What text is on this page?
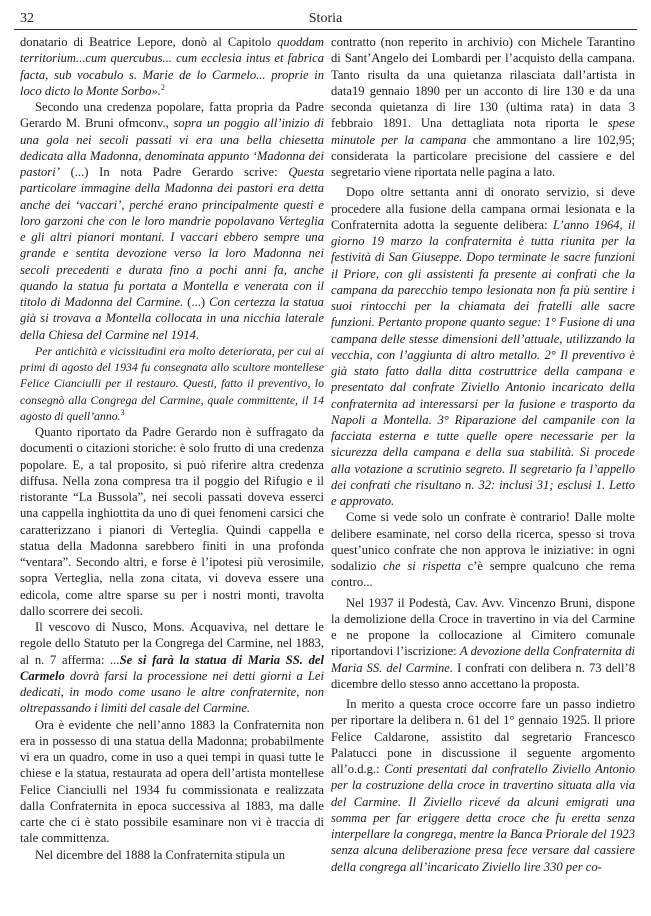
32	Storia

donatario di Beatrice Lepore, donò al Capitolo quoddam territorium...cum quercubus... cum ecclesia intus et fabrica facta, sub vocabulo s. Marie de lo Carmelo... proprie in loco dicto lo Monte Sorbo».$^2$

Secondo una credenza popolare, fatta propria da Padre Gerardo M. Bruni ofmconv., sopra un poggio all’inizio di una gola nei secoli passati vi era una bella chiesetta dedicata alla Madonna, denominata appunto ‘Madonna dei pastori’ (...) In nota Padre Gerardo scrive: Questa particolare immagine della Madonna dei pastori era detta anche dei ‘vaccari’, perché erano principalmente questi e loro garzoni che con le loro mandrie popolavano Verteglia e gli altri pianori montani. I vaccari ebbero sempre una grande e sentita devozione verso la loro Madonna nei secoli precedenti e durata fino a pochi anni fa, anche quando la statua fu portata a Montella e venerata con il titolo di Madonna del Carmine. (...) Con certezza la statua già si trovava a Montella collocata in una nicchia laterale della Chiesa del Carmine nel 1914.

Per antichità e vicissitudini era molto deteriorata, per cui ai primi di agosto del 1934 fu consegnata allo scultore montellese Felice Cianciulli per il restauro. Questi, fatto il preventivo, lo consegnò alla Congrega del Carmine, quale committente, il 14 agosto di quell’anno.$^3$

Quanto riportato da Padre Gerardo non è suffragato da documenti o citazioni storiche: è solo frutto di una credenza popolare. E, a tal proposito, si può riferire altra credenza diffusa. Nella zona compresa tra il poggio del Rifugio e il ristorante “La Bussola”, nei secoli passati doveva esserci una cappella inghiottita da uno di quei fenomeni carsici che caratterizzano i pianori di Verteglia. Quindi cappella e statua della Madonna sarebbero finiti in una profonda “ventara”. Secondo altri, e forse è l’ipotesi più verosimile, sopra Verteglia, nella zona citata, vi doveva essere una edicola, come altre sparse su per i nostri monti, travolta dallo scorrere dei secoli.

Il vescovo di Nusco, Mons. Acquaviva, nel dettare le regole dello Statuto per la Congrega del Carmine, nel 1883, al n. 7 afferma: ...Se si farà la statua di Maria SS. del Carmelo dovrà farsi la processione nei detti giorni a Lei dedicati, in modo come usano le altre confraternite, non oltrepassando i limiti del casale del Carmine.

Ora è evidente che nell’anno 1883 la Confraternita non era in possesso di una statua della Madonna; probabilmente vi era un quadro, come in uso a quei tempi in quasi tutte le chiese e la statua, restaurata ad opera dell’artista montellese Felice Cianciulli nel 1934 fu commissionata e realizzata dalla Confraternita in epoca successiva al 1883, ma dalle carte che ci è stato possibile esaminare non vi è traccia di tale committenza.

Nel dicembre del 1888 la Confraternita stipula un

contratto (non reperito in archivio) con Michele Tarantino di Sant’Angelo dei Lombardi per l’acquisto della campana. Tanto risulta da una quietanza rilasciata dall’artista in data19 gennaio 1890 per un acconto di lire 130 e da una seconda quietanza di lire 130 (ultima rata) in data 3 febbraio 1891. Una dettagliata nota riporta le spese minutole per la campana che ammontano a lire 102,95; considerata la particolare precisione del cassiere e del segretario viene riportata nelle pagina a lato.

Dopo oltre settanta anni di onorato servizio, si deve procedere alla fusione della campana ormai lesionata e la Confraternita adotta la seguente delibera: L’anno 1964, il giorno 19 marzo la confraternita è tutta riunita per la festività di San Giuseppe. Dopo terminate le sacre funzioni il Priore, con gli assistenti fa presente ai confrati che la campana da parecchio tempo lesionata non fa più sentire i suoi rintocchi per la chiamata dei fratelli alle sacre funzioni. Pertanto propone quanto segue: 1° Fusione di una campana delle stesse dimensioni dell’attuale, utilizzando la vecchia, con l’aggiunta di altro metallo. 2° Il preventivo è già stato fatto dalla ditta costruttrice della campana e presentato dal confrate Ziviello Antonio incaricato della confraternita ad interessarsi per la fusione e trasporto da Napoli a Montella. 3° Riparazione del campanile con la facciata esterna e tutte quelle opere necessarie per la sicurezza della campana e della sua stabilità. Si procede alla votazione a scrutinio segreto. Il segretario fa l’appello dei confrati che risultano n. 32: inclusi 31; esclusi 1. Letto e approvato.

Come si vede solo un confrate è contrario! Dalle molte delibere esaminate, nel corso della ricerca, spesso si trova quest’unico confrate che non approva le iniziative: in ogni sodalizio che si rispetta c’è sempre qualcuno che rema contro...

Nel 1937 il Podestà, Cav. Avv. Vincenzo Bruni, dispone la demolizione della Croce in travertino in via del Carmine e ne propone la collocazione al Cimitero comunale riportandovi l’iscrizione: A devozione della Confraternita di Maria SS. del Carmine. I confrati con delibera n. 73 dell’8 dicembre dello stesso anno accettano la proposta.

In merito a questa croce occorre fare un passo indietro per riportare la delibera n. 61 del 1° gennaio 1925. Il priore Felice Caldarone, assistito dal segretario Francesco Palatucci pone in discussione il seguente argomento all’o.d.g.: Conti presentati dal confratello Ziviello Antonio per la costruzione della croce in travertino situata alla via del Carmine. Il Ziviello ricevé da alcuni emigrati una somma per far eriggere detta croce che fu eretta senza interpellare la congrega, mentre la Banca Priorale del 1923 senza alcuna deliberazione presa fece versare dal cassiere della congrega all’incaricato Ziviello lire 330 per co-
